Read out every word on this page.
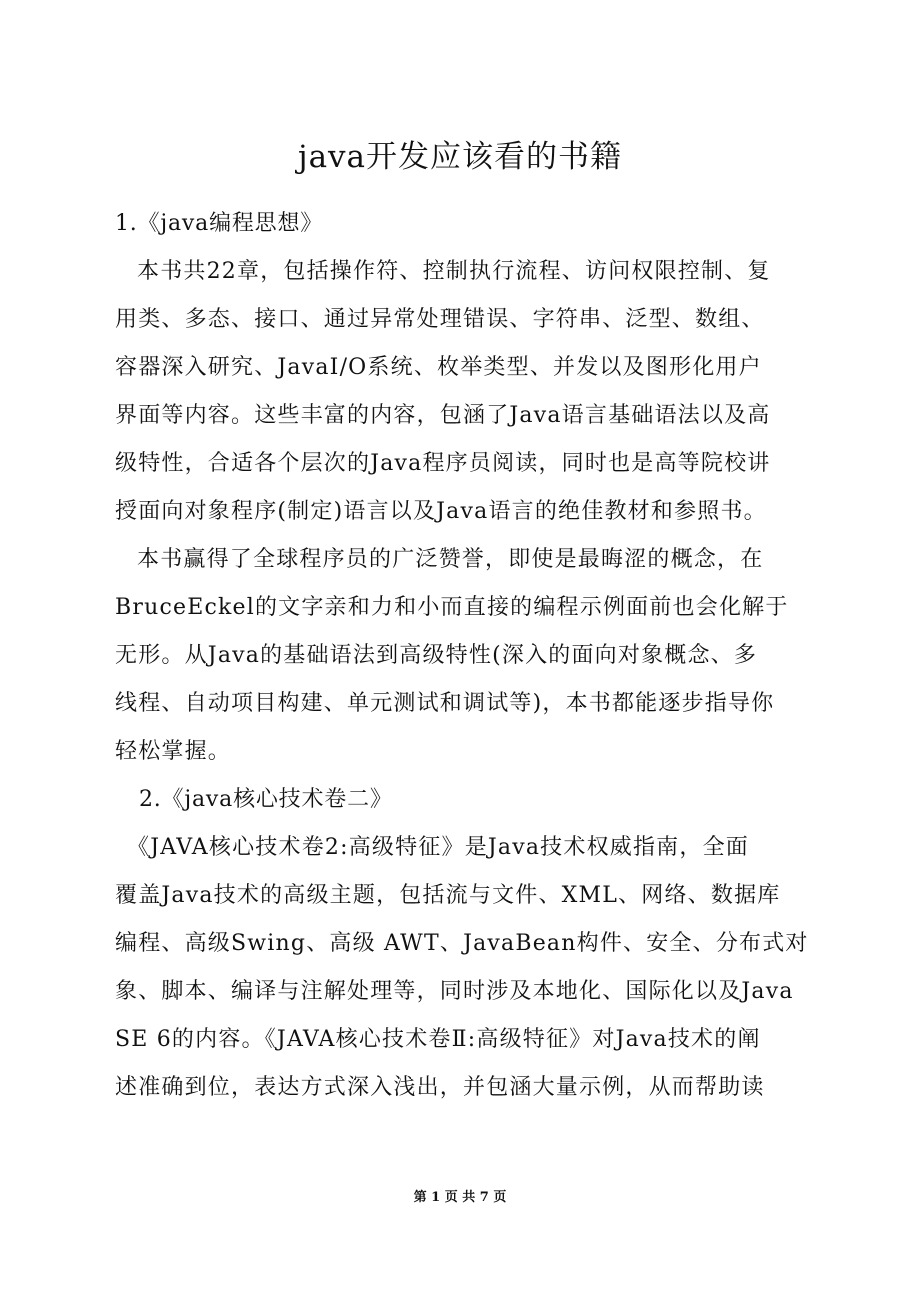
java开发应该看的书籍
1.《java编程思想》
本书共22章，包括操作符、控制执行流程、访问权限控制、复
用类、多态、接口、通过异常处理错误、字符串、泛型、数组、
容器深入研究、JavaI/O系统、枚举类型、并发以及图形化用户
界面等内容。这些丰富的内容，包涵了Java语言基础语法以及高
级特性，合适各个层次的Java程序员阅读，同时也是高等院校讲
授面向对象程序(制定)语言以及Java语言的绝佳教材和参照书。
本书赢得了全球程序员的广泛赞誉，即使是最晦涩的概念，在
BruceEckel的文字亲和力和小而直接的编程示例面前也会化解于
无形。从Java的基础语法到高级特性(深入的面向对象概念、多
线程、自动项目构建、单元测试和调试等)，本书都能逐步指导你
轻松掌握。
2.《java核心技术卷二》
《JAVA核心技术卷2:高级特征》是Java技术权威指南，全面
覆盖Java技术的高级主题，包括流与文件、XML、网络、数据库
编程、高级Swing、高级 AWT、JavaBean构件、安全、分布式对
象、脚本、编译与注解处理等，同时涉及本地化、国际化以及Java
SE 6的内容。《JAVA核心技术卷Ⅱ:高级特征》对Java技术的阐
述准确到位，表达方式深入浅出，并包涵大量示例，从而帮助读
第 1 页 共 7 页
